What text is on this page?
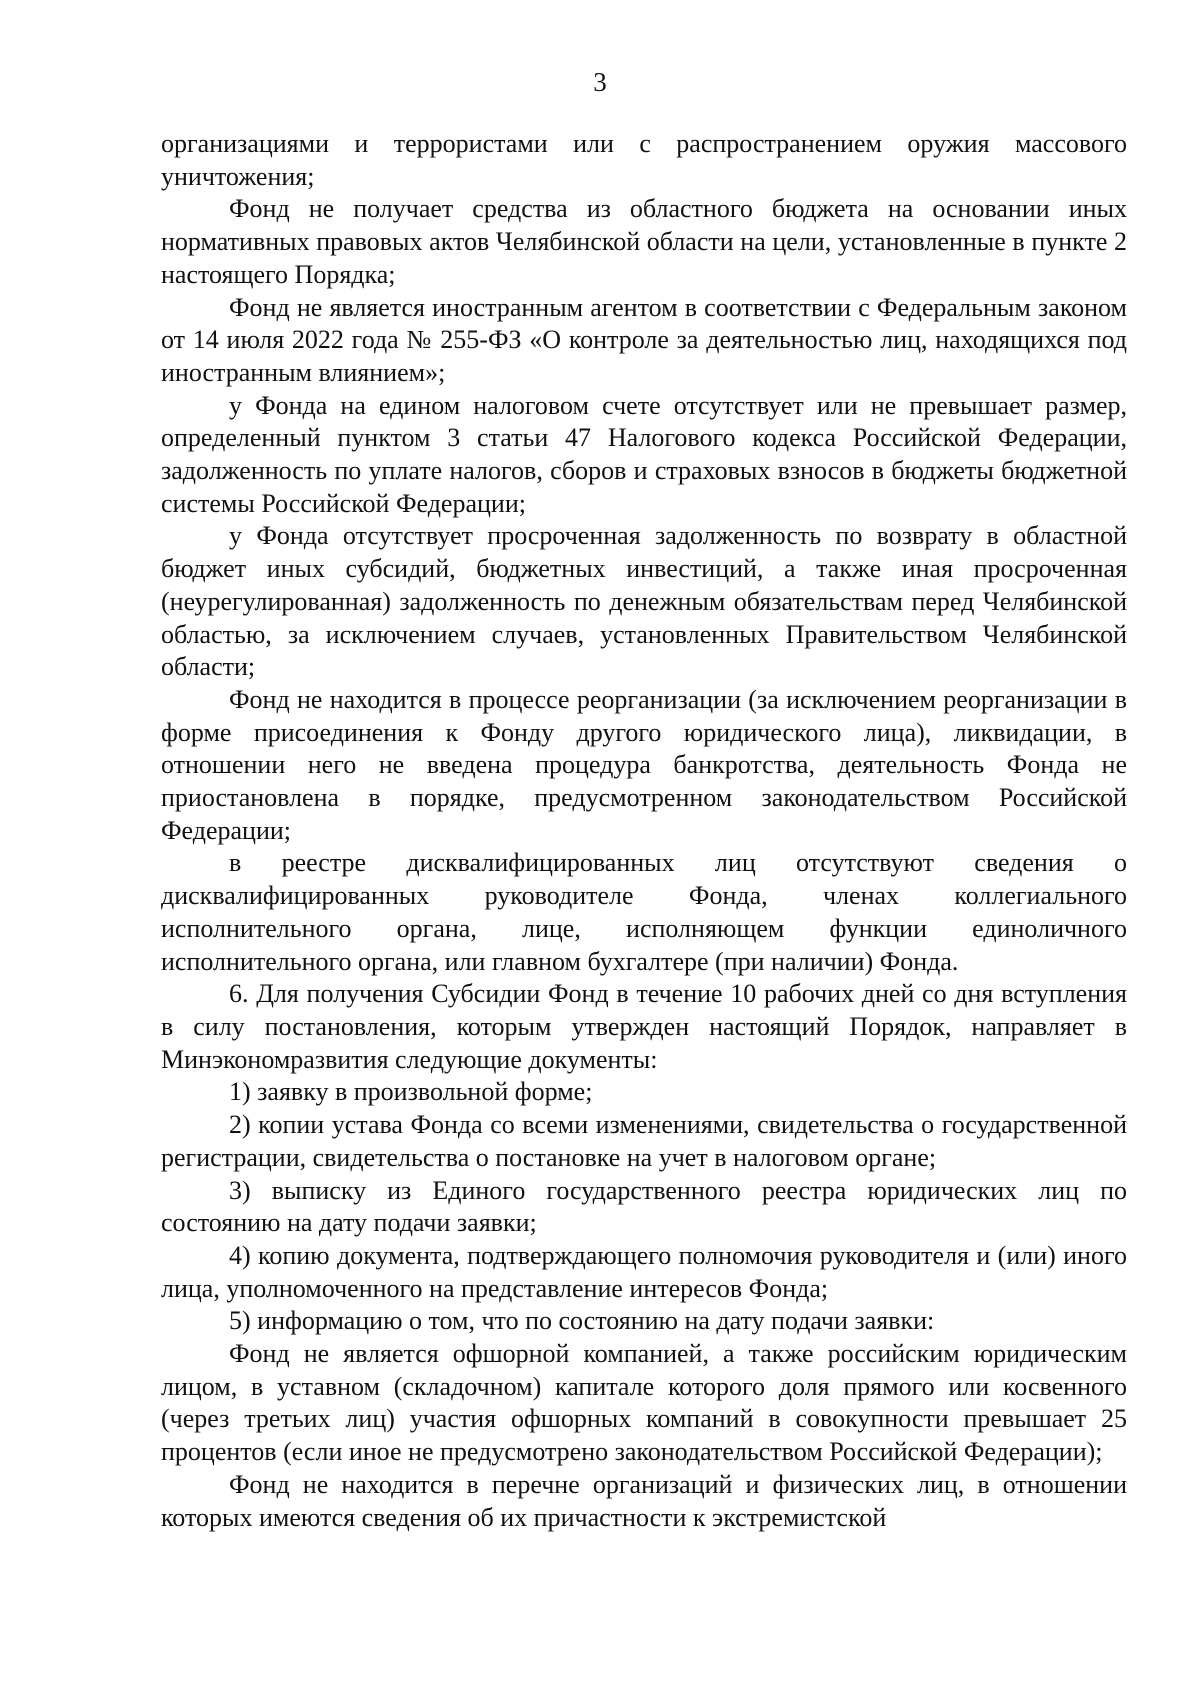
3

организациями и террористами или с распространением оружия массового уничтожения;

Фонд не получает средства из областного бюджета на основании иных нормативных правовых актов Челябинской области на цели, установленные в пункте 2 настоящего Порядка;

Фонд не является иностранным агентом в соответствии с Федеральным законом от 14 июля 2022 года № 255-ФЗ «О контроле за деятельностью лиц, находящихся под иностранным влиянием»;

у Фонда на едином налоговом счете отсутствует или не превышает размер, определенный пунктом 3 статьи 47 Налогового кодекса Российской Федерации, задолженность по уплате налогов, сборов и страховых взносов в бюджеты бюджетной системы Российской Федерации;

у Фонда отсутствует просроченная задолженность по возврату в областной бюджет иных субсидий, бюджетных инвестиций, а также иная просроченная (неурегулированная) задолженность по денежным обязательствам перед Челябинской областью, за исключением случаев, установленных Правительством Челябинской области;

Фонд не находится в процессе реорганизации (за исключением реорганизации в форме присоединения к Фонду другого юридического лица), ликвидации, в отношении него не введена процедура банкротства, деятельность Фонда не приостановлена в порядке, предусмотренном законодательством Российской Федерации;

в реестре дисквалифицированных лиц отсутствуют сведения о дисквалифицированных руководителе Фонда, членах коллегиального исполнительного органа, лице, исполняющем функции единоличного исполнительного органа, или главном бухгалтере (при наличии) Фонда.

6. Для получения Субсидии Фонд в течение 10 рабочих дней со дня вступления в силу постановления, которым утвержден настоящий Порядок, направляет в Минэкономразвития следующие документы:

1) заявку в произвольной форме;

2) копии устава Фонда со всеми изменениями, свидетельства о государственной регистрации, свидетельства о постановке на учет в налоговом органе;

3) выписку из Единого государственного реестра юридических лиц по состоянию на дату подачи заявки;

4) копию документа, подтверждающего полномочия руководителя и (или) иного лица, уполномоченного на представление интересов Фонда;

5) информацию о том, что по состоянию на дату подачи заявки:

Фонд не является офшорной компанией, а также российским юридическим лицом, в уставном (складочном) капитале которого доля прямого или косвенного (через третьих лиц) участия офшорных компаний в совокупности превышает 25 процентов (если иное не предусмотрено законодательством Российской Федерации);

Фонд не находится в перечне организаций и физических лиц, в отношении которых имеются сведения об их причастности к экстремистской
